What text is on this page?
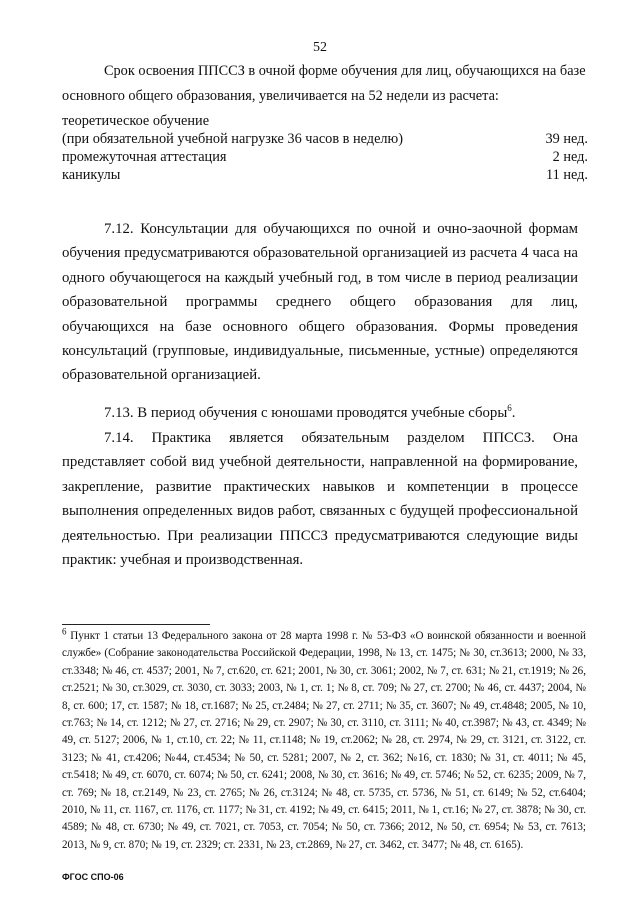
52
Срок освоения ППССЗ в очной форме обучения для лиц, обучающихся на базе
основного общего образования, увеличивается на 52 недели из расчета:
теоретическое обучение
(при обязательной учебной нагрузке 36 часов в неделю)	39 нед.
промежуточная аттестация	2 нед.
каникулы	11 нед.

7.12. Консультации для обучающихся по очной и очно-заочной формам обучения предусматриваются образовательной организацией из расчета 4 часа на одного обучающегося на каждый учебный год, в том числе в период реализации образовательной программы среднего общего образования для лиц, обучающихся на базе основного общего образования. Формы проведения консультаций (групповые, индивидуальные, письменные, устные) определяются образовательной организацией.

7.13. В период обучения с юношами проводятся учебные сборы$^6$.

7.14. Практика является обязательным разделом ППССЗ. Она представляет собой вид учебной деятельности, направленной на формирование, закрепление, развитие практических навыков и компетенции в процессе выполнения определенных видов работ, связанных с будущей профессиональной деятельностью. При реализации ППССЗ предусматриваются следующие виды практик: учебная и производственная.

$^6$ Пункт 1 статьи 13 Федерального закона от 28 марта 1998 г. № 53-ФЗ «О воинской обязанности и военной службе» (Собрание законодательства Российской Федерации, 1998, № 13, ст. 1475; № 30, ст.3613; 2000, № 33, ст.3348; № 46, ст. 4537; 2001, № 7, ст.620, ст. 621; 2001, № 30, ст. 3061; 2002, № 7, ст. 631; № 21, ст.1919; № 26, ст.2521; № 30, ст.3029, ст. 3030, ст. 3033; 2003, № 1, ст. 1; № 8, ст. 709; № 27, ст. 2700; № 46, ст. 4437; 2004, № 8, ст. 600; 17, ст. 1587; № 18, ст.1687; № 25, ст.2484; № 27, ст. 2711; № 35, ст. 3607; № 49, ст.4848; 2005, № 10, ст.763; № 14, ст. 1212; № 27, ст. 2716; № 29, ст. 2907; № 30, ст. 3110, ст. 3111; № 40, ст.3987; № 43, ст. 4349; № 49, ст. 5127; 2006, № 1, ст.10, ст. 22; № 11, ст.1148; № 19, ст.2062; № 28, ст. 2974, № 29, ст. 3121, ст. 3122, ст. 3123; № 41, ст.4206; №44, ст.4534; № 50, ст. 5281; 2007, № 2, ст. 362; №16, ст. 1830; № 31, ст. 4011; № 45, ст.5418; № 49, ст. 6070, ст. 6074; № 50, ст. 6241; 2008, № 30, ст. 3616; № 49, ст. 5746; № 52, ст. 6235; 2009, № 7, ст. 769; № 18, ст.2149, № 23, ст. 2765; № 26, ст.3124; № 48, ст. 5735, ст. 5736, № 51, ст. 6149; № 52, ст.6404; 2010, № 11, ст. 1167, ст. 1176, ст. 1177; № 31, ст. 4192; № 49, ст. 6415; 2011, № 1, ст.16; № 27, ст. 3878; № 30, ст. 4589; № 48, ст. 6730; № 49, ст. 7021, ст. 7053, ст. 7054; № 50, ст. 7366; 2012, № 50, ст. 6954; № 53, ст. 7613; 2013, № 9, ст. 870; № 19, ст. 2329; ст. 2331, № 23, ст.2869, № 27, ст. 3462, ст. 3477; № 48, ст. 6165).

ФГОС СПО-06
